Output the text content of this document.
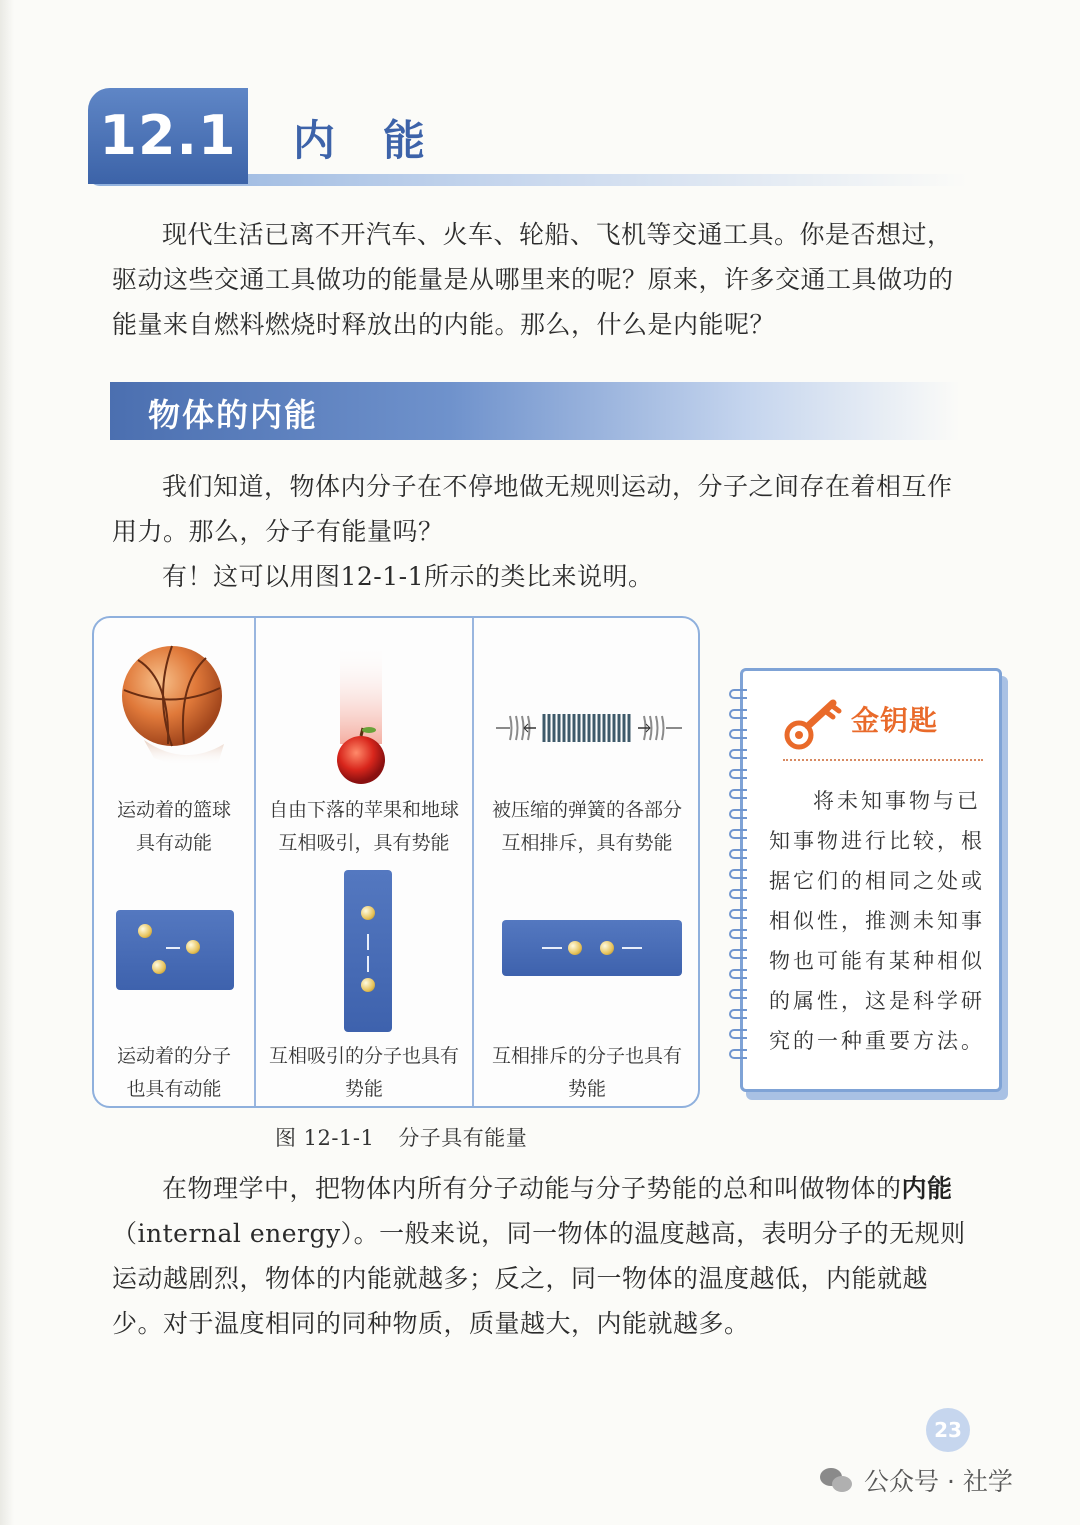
12.1 内能

现代生活已离不开汽车、火车、轮船、飞机等交通工具。你是否想过，驱动这些交通工具做功的能量是从哪里来的呢？原来，许多交通工具做功的能量来自燃料燃烧时释放出的内能。那么，什么是内能呢？

物体的内能

我们知道，物体内分子在不停地做无规则运动，分子之间存在着相互作用力。那么，分子有能量吗？

有！这可以用图12-1-1所示的类比来说明。

运动着的篮球
具有动能
自由下落的苹果和地球
互相吸引，具有势能
被压缩的弹簧的各部分
互相排斥，具有势能
运动着的分子
也具有动能
互相吸引的分子也具有
势能
互相排斥的分子也具有
势能
图 12-1-1 分子具有能量
金钥匙

将未知事物与已知事物进行比较，根据它们的相同之处或相似性，推测未知事物也可能有某种相似的属性，这是科学研究的一种重要方法。

在物理学中，把物体内所有分子动能与分子势能的总和叫做物体的内能（internal energy）。一般来说，同一物体的温度越高，表明分子的无规则运动越剧烈，物体的内能就越多；反之，同一物体的温度越低，内能就越少。对于温度相同的同种物质，质量越大，内能就越多。

23
公众号 · 社学
